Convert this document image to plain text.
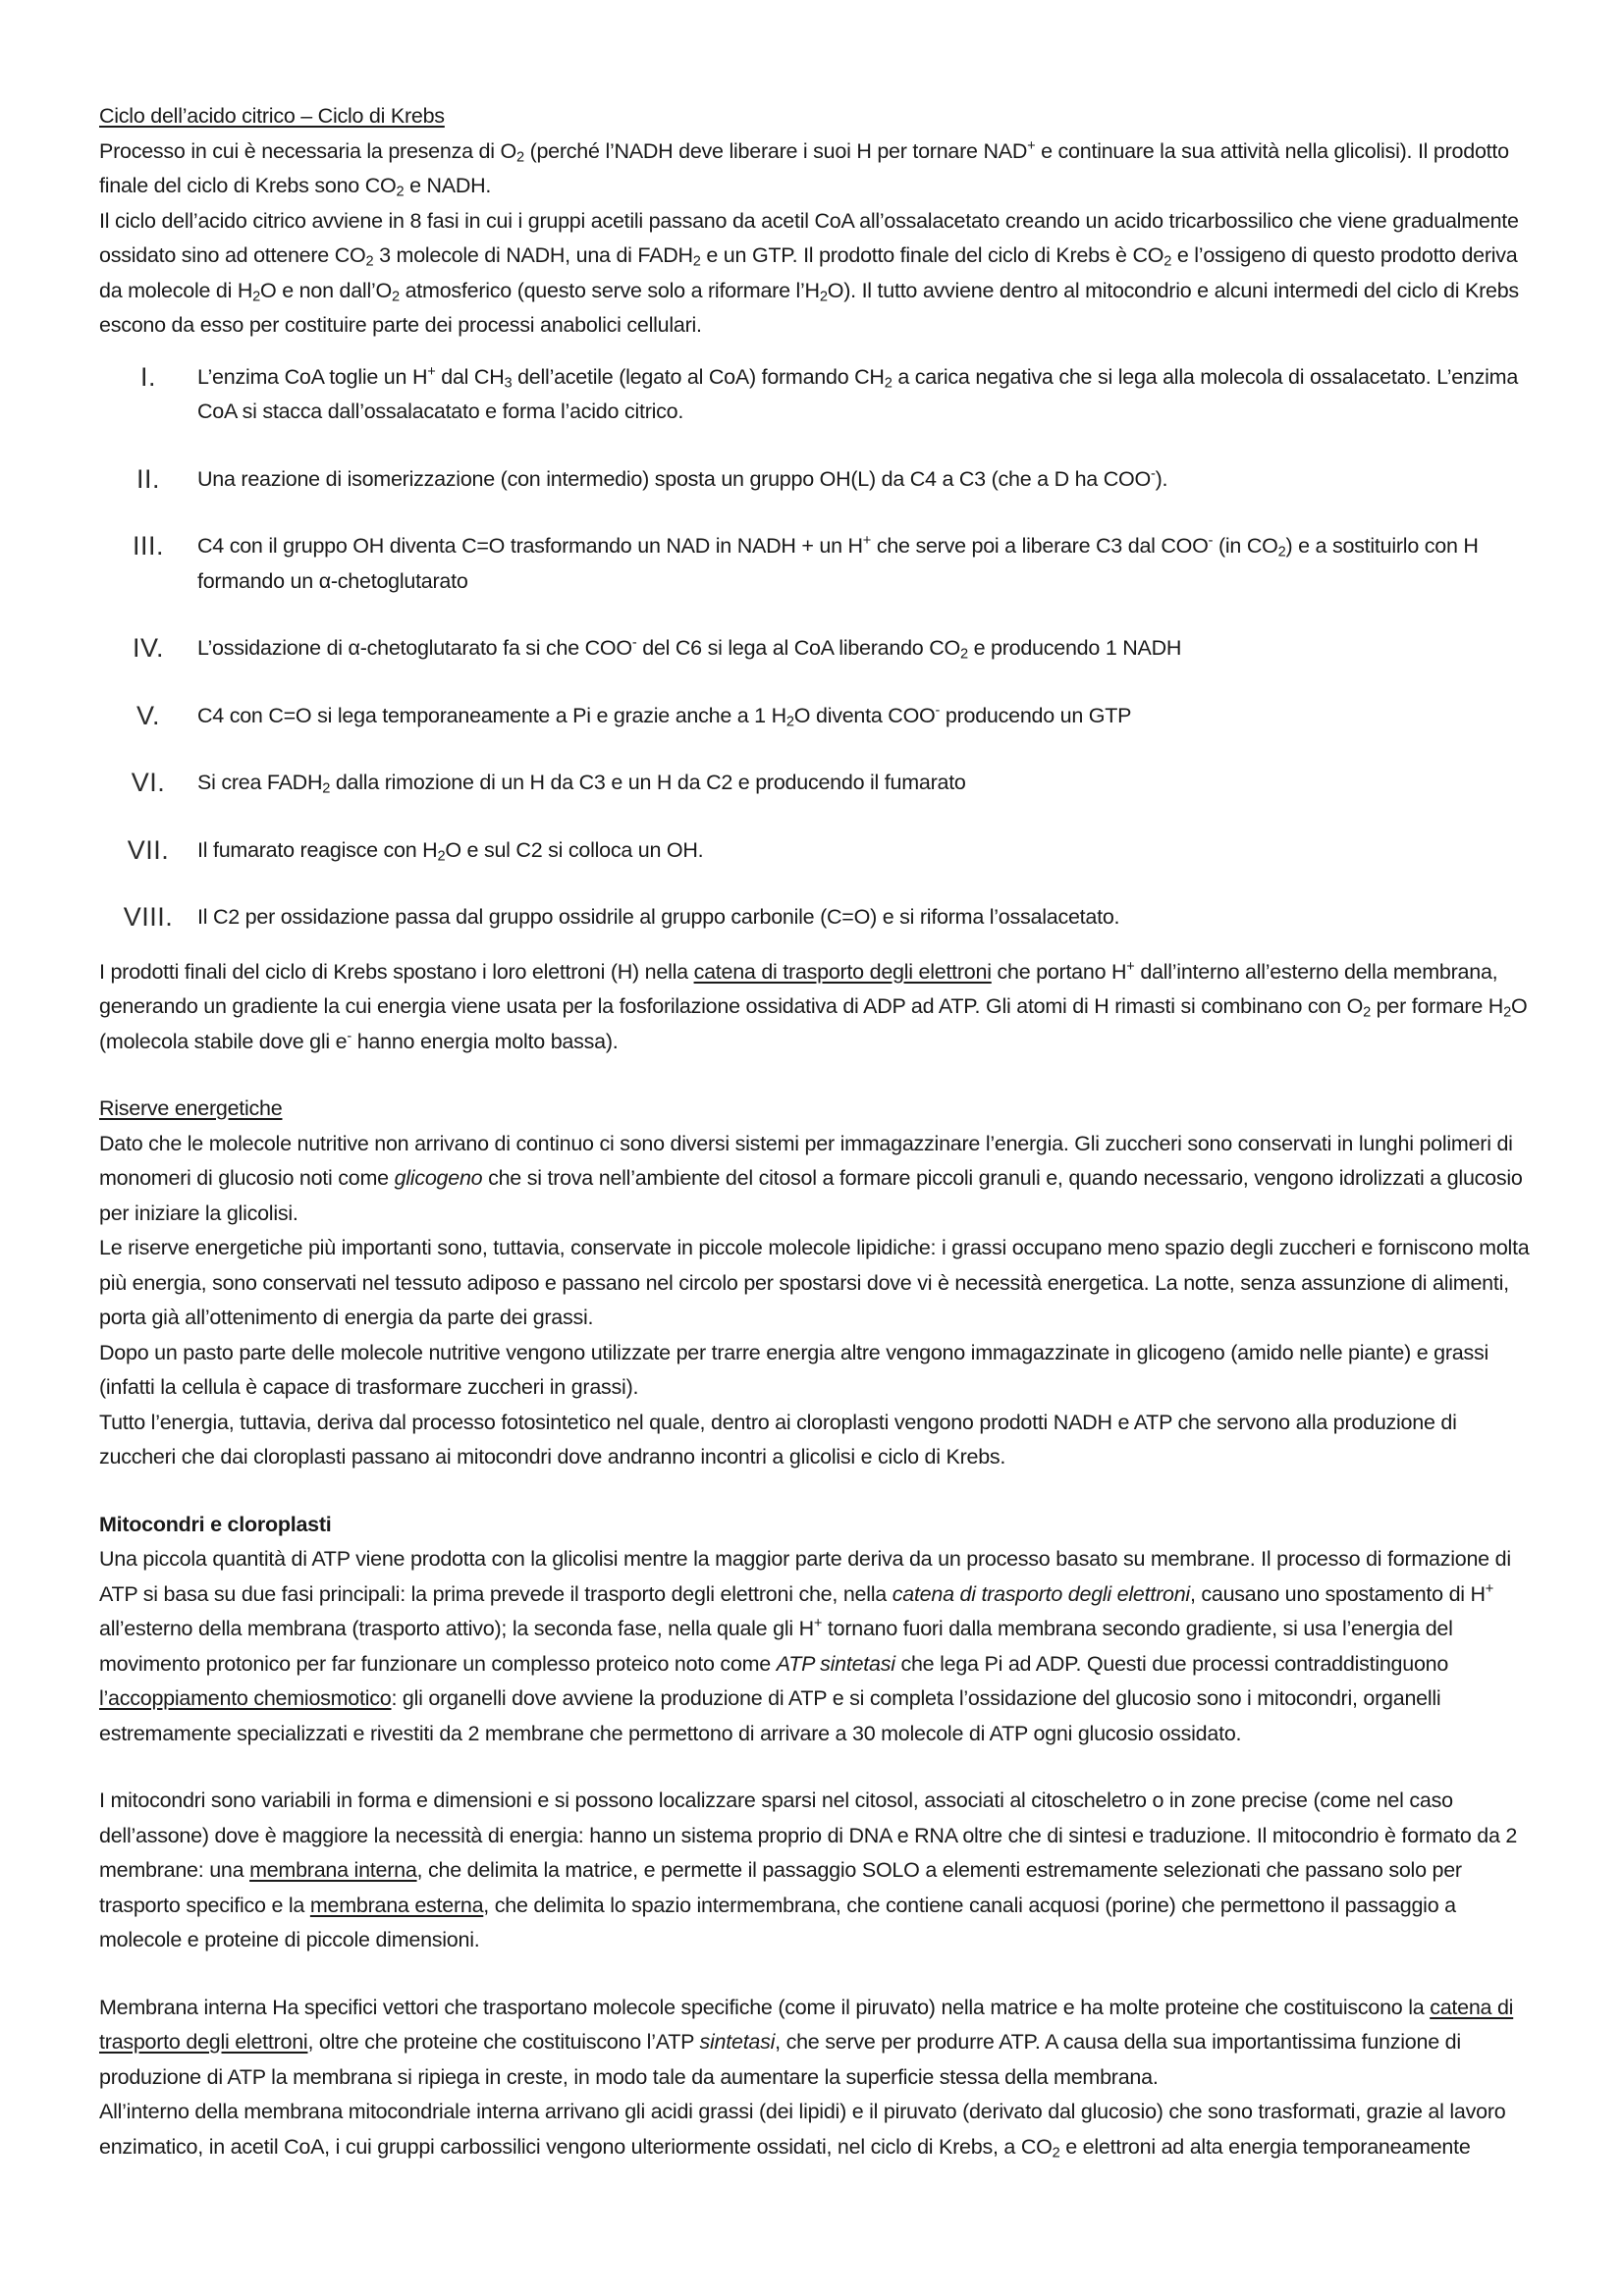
Ciclo dell’acido citrico – Ciclo di Krebs

Processo in cui è necessaria la presenza di $O_2$ (perché l’NADH deve liberare i suoi H per tornare NAD+ e continuare la sua attività nella glicolisi). Il prodotto finale del ciclo di Krebs sono $CO_2$ e NADH.

Il ciclo dell’acido citrico avviene in 8 fasi in cui i gruppi acetili passano da acetil CoA all’ossalacetato creando un acido tricarbossilico che viene gradualmente ossidato sino ad ottenere $CO_2$ 3 molecole di NADH, una di $FADH_2$ e un GTP. Il prodotto finale del ciclo di Krebs è $CO_2$ e l’ossigeno di questo prodotto deriva da molecole di $H_2O$ e non $dall’O_2$ atmosferico (questo serve solo a riformare $l’H_2O$). Il tutto avviene dentro al mitocondrio e alcuni intermedi del ciclo di Krebs escono da esso per costituire parte dei processi anabolici cellulari.

I.	L’enzima CoA toglie un H+ dal $CH_3$ dell’acetile (legato al CoA) formando $CH_2$ a carica negativa che si lega alla molecola di ossalacetato. L’enzima CoA si stacca dall’ossalacatato e forma l’acido citrico.
II.	Una reazione di isomerizzazione (con intermedio) sposta un gruppo OH(L) da C4 a C3 (che a D ha COO-).
III.	C4 con il gruppo OH diventa C=O trasformando un NAD in NADH + un H+ che serve poi a liberare C3 dal COO- (in $CO_2$) e a sostituirlo con H formando un α-chetoglutarato
IV.	L’ossidazione di α-chetoglutarato fa si che COO- del C6 si lega al CoA liberando $CO_2$ e producendo 1 NADH
V.	C4 con C=O si lega temporaneamente a Pi e grazie anche a 1 $H_2O$ diventa COO- producendo un GTP
VI.	Si crea $FADH_2$ dalla rimozione di un H da C3 e un H da C2 e producendo il fumarato
VII.	Il fumarato reagisce con $H_2O$ e sul C2 si colloca un OH.
VIII.	Il C2 per ossidazione passa dal gruppo ossidrile al gruppo carbonile (C=O) e si riforma l’ossalacetato.

I prodotti finali del ciclo di Krebs spostano i loro elettroni (H) nella catena di trasporto degli elettroni che portano H+ dall’interno all’esterno della membrana, generando un gradiente la cui energia viene usata per la fosforilazione ossidativa di ADP ad ATP. Gli atomi di H rimasti si combinano con $O_2$ per formare $H_2O$ (molecola stabile dove gli e- hanno energia molto bassa).

Riserve energetiche

Dato che le molecole nutritive non arrivano di continuo ci sono diversi sistemi per immagazzinare l’energia. Gli zuccheri sono conservati in lunghi polimeri di monomeri di glucosio noti come glicogeno che si trova nell’ambiente del citosol a formare piccoli granuli e, quando necessario, vengono idrolizzati a glucosio per iniziare la glicolisi.

Le riserve energetiche più importanti sono, tuttavia, conservate in piccole molecole lipidiche: i grassi occupano meno spazio degli zuccheri e forniscono molta più energia, sono conservati nel tessuto adiposo e passano nel circolo per spostarsi dove vi è necessità energetica. La notte, senza assunzione di alimenti, porta già all’ottenimento di energia da parte dei grassi.

Dopo un pasto parte delle molecole nutritive vengono utilizzate per trarre energia altre vengono immagazzinate in glicogeno (amido nelle piante) e grassi (infatti la cellula è capace di trasformare zuccheri in grassi).

Tutto l’energia, tuttavia, deriva dal processo fotosintetico nel quale, dentro ai cloroplasti vengono prodotti NADH e ATP che servono alla produzione di zuccheri che dai cloroplasti passano ai mitocondri dove andranno incontri a glicolisi e ciclo di Krebs.

Mitocondri e cloroplasti

Una piccola quantità di ATP viene prodotta con la glicolisi mentre la maggior parte deriva da un processo basato su membrane. Il processo di formazione di ATP si basa su due fasi principali: la prima prevede il trasporto degli elettroni che, nella catena di trasporto degli elettroni, causano uno spostamento di H+ all’esterno della membrana (trasporto attivo); la seconda fase, nella quale gli H+ tornano fuori dalla membrana secondo gradiente, si usa l’energia del movimento protonico per far funzionare un complesso proteico noto come ATP sintetasi che lega Pi ad ADP. Questi due processi contraddistinguono l’accoppiamento chemiosmotico: gli organelli dove avviene la produzione di ATP e si completa l’ossidazione del glucosio sono i mitocondri, organelli estremamente specializzati e rivestiti da 2 membrane che permettono di arrivare a 30 molecole di ATP ogni glucosio ossidato.

I mitocondri sono variabili in forma e dimensioni e si possono localizzare sparsi nel citosol, associati al citoscheletro o in zone precise (come nel caso dell’assone) dove è maggiore la necessità di energia: hanno un sistema proprio di DNA e RNA oltre che di sintesi e traduzione. Il mitocondrio è formato da 2 membrane: una membrana interna, che delimita la matrice, e permette il passaggio SOLO a elementi estremamente selezionati che passano solo per trasporto specifico e la membrana esterna, che delimita lo spazio intermembrana, che contiene canali acquosi (porine) che permettono il passaggio a molecole e proteine di piccole dimensioni.

Membrana interna Ha specifici vettori che trasportano molecole specifiche (come il piruvato) nella matrice e ha molte proteine che costituiscono la catena di trasporto degli elettroni, oltre che proteine che costituiscono l’ATP sintetasi, che serve per produrre ATP. A causa della sua importantissima funzione di produzione di ATP la membrana si ripiega in creste, in modo tale da aumentare la superficie stessa della membrana.

All’interno della membrana mitocondriale interna arrivano gli acidi grassi (dei lipidi) e il piruvato (derivato dal glucosio) che sono trasformati, grazie al lavoro enzimatico, in acetil CoA, i cui gruppi carbossilici vengono ulteriormente ossidati, nel ciclo di Krebs, a $CO_2$ e elettroni ad alta energia temporaneamente
